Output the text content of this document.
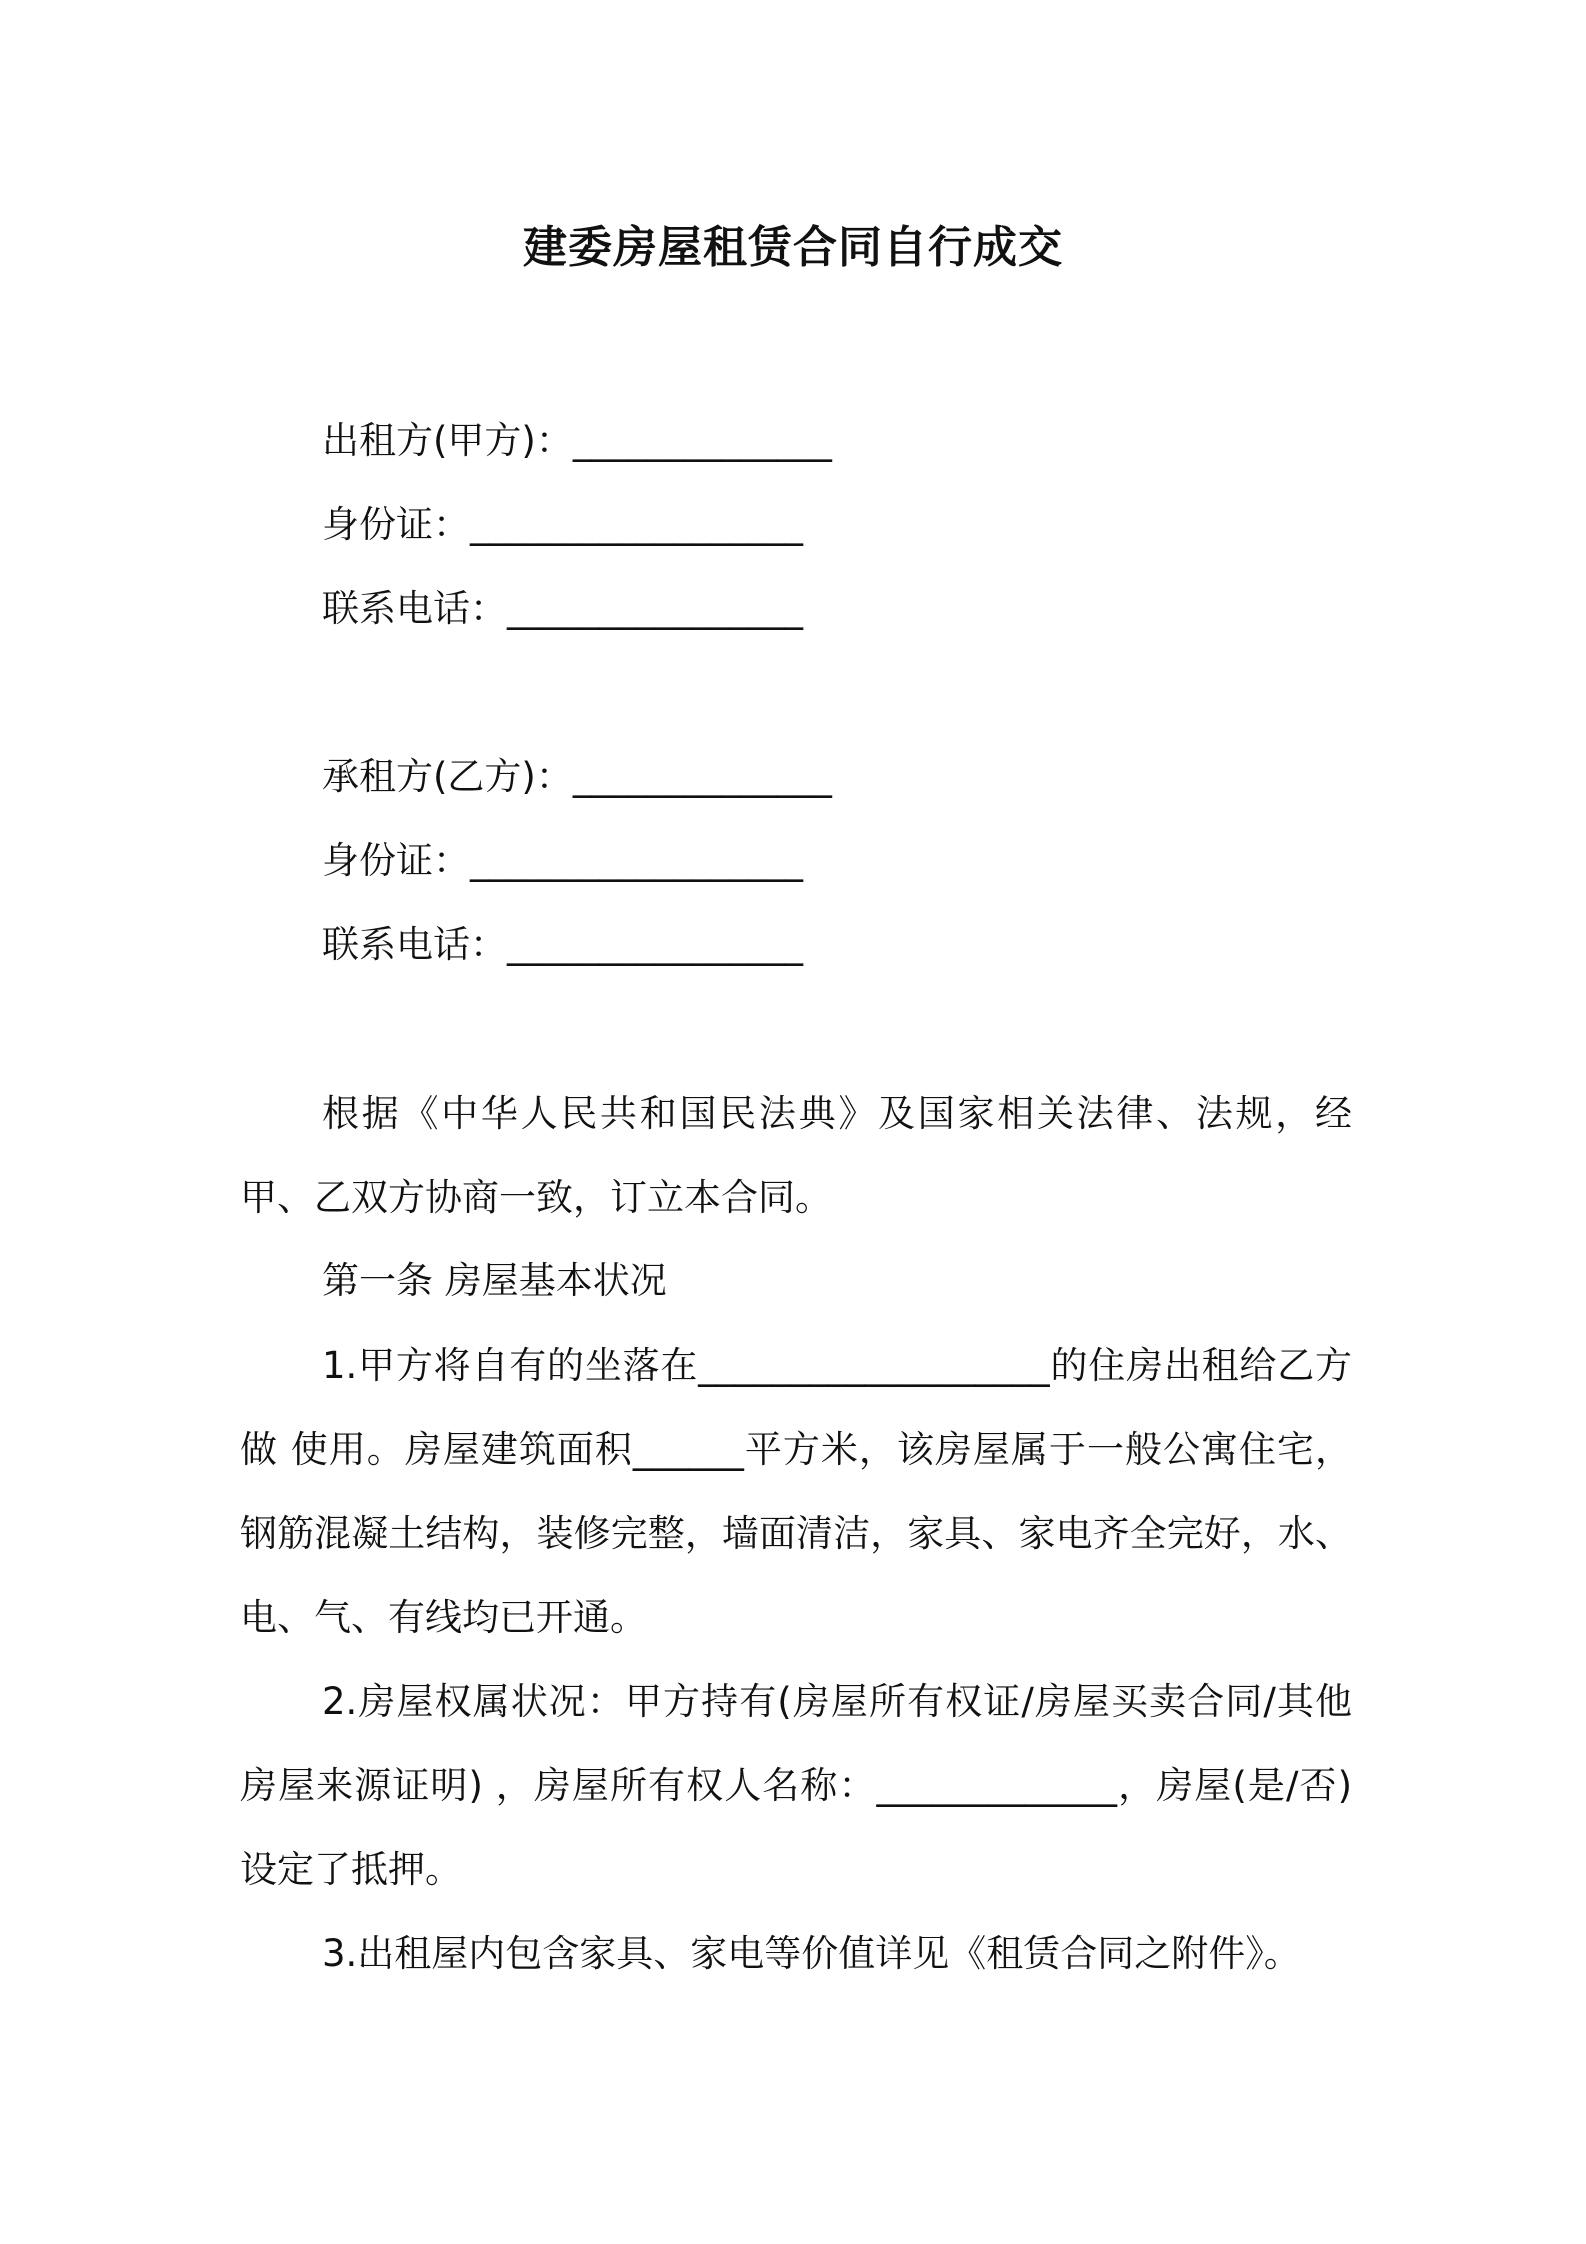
建委房屋租赁合同自行成交
出租方(甲方)：______________
身份证：__________________
联系电话：________________
承租方(乙方)：______________
身份证：__________________
联系电话：________________
根据《中华人民共和国民法典》及国家相关法律、法规，经甲、乙双方协商一致，订立本合同。
第一条 房屋基本状况
1.甲方将自有的坐落在___________________的住房出租给乙方做 使用。房屋建筑面积______平方米，该房屋属于一般公寓住宅，钢筋混凝土结构，装修完整，墙面清洁，家具、家电齐全完好，水、电、气、有线均已开通。
2.房屋权属状况：甲方持有(房屋所有权证/房屋买卖合同/其他房屋来源证明) ，房屋所有权人名称：_____________，房屋(是/否)设定了抵押。
3.出租屋内包含家具、家电等价值详见《租赁合同之附件》。
